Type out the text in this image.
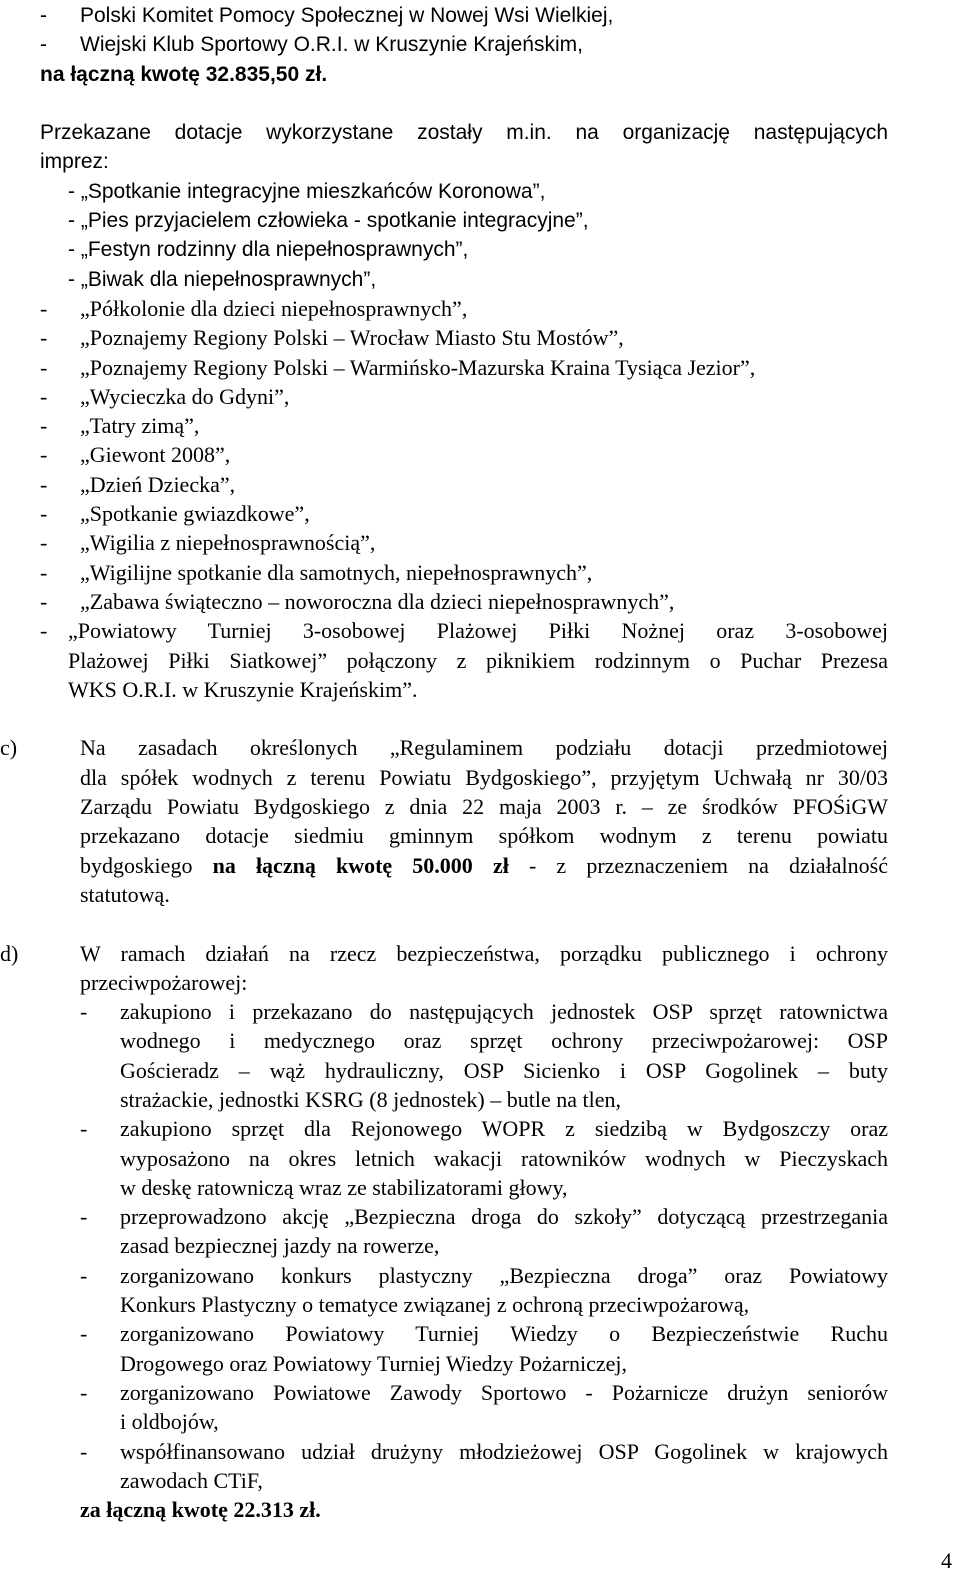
- Polski Komitet Pomocy Społecznej w Nowej Wsi Wielkiej,
- Wiejski Klub Sportowy O.R.I. w Kruszynie Krajeńskim,
na łączną kwotę 32.835,50 zł.
Przekazane dotacje wykorzystane zostały m.in. na organizację następujących
imprez:
- „Spotkanie integracyjne mieszkańców Koronowa”,
- „Pies przyjacielem człowieka - spotkanie integracyjne”,
- „Festyn rodzinny dla niepełnosprawnych”,
- „Biwak dla niepełnosprawnych”,
- „Półkolonie dla dzieci niepełnosprawnych”,
- „Poznajemy Regiony Polski – Wrocław Miasto Stu Mostów”,
- „Poznajemy Regiony Polski – Warmińsko-Mazurska Kraina Tysiąca Jezior”,
- „Wycieczka do Gdyni”,
- „Tatry zimą”,
- „Giewont 2008”,
- „Dzień Dziecka”,
- „Spotkanie gwiazdkowe”,
- „Wigilia z niepełnosprawnością”,
- „Wigilijne spotkanie dla samotnych, niepełnosprawnych”,
- „Zabawa świąteczno – noworoczna dla dzieci niepełnosprawnych”,
- „Powiatowy Turniej 3-osobowej Plażowej Piłki Nożnej oraz 3-osobowej
Plażowej Piłki Siatkowej” połączony z piknikiem rodzinnym o Puchar Prezesa
WKS O.R.I. w Kruszynie Krajeńskim”.
c)	Na zasadach określonych „Regulaminem podziału dotacji przedmiotowej
dla spółek wodnych z terenu Powiatu Bydgoskiego”, przyjętym Uchwałą nr 30/03
Zarządu Powiatu Bydgoskiego z dnia 22 maja 2003 r. – ze środków PFOŚiGW
przekazano dotacje siedmiu gminnym spółkom wodnym z terenu powiatu
bydgoskiego na łączną kwotę 50.000 zł - z przeznaczeniem na działalność
statutową.
d)	W ramach działań na rzecz bezpieczeństwa, porządku publicznego i ochrony
przeciwpożarowej:
-	zakupiono i przekazano do następujących jednostek OSP sprzęt ratownictwa
wodnego i medycznego oraz sprzęt ochrony przeciwpożarowej: OSP
Gościeradz – wąż hydrauliczny, OSP Sicienko i OSP Gogolinek – buty
strażackie, jednostki KSRG (8 jednostek) – butle na tlen,
-	zakupiono sprzęt dla Rejonowego WOPR z siedzibą w Bydgoszczy oraz
wyposażono na okres letnich wakacji ratowników wodnych w Pieczyskach
w deskę ratowniczą wraz ze stabilizatorami głowy,
-	przeprowadzono akcję „Bezpieczna droga do szkoły” dotyczącą przestrzegania
zasad bezpiecznej jazdy na rowerze,
-	zorganizowano konkurs plastyczny „Bezpieczna droga” oraz Powiatowy
Konkurs Plastyczny o tematyce związanej z ochroną przeciwpożarową,
-	zorganizowano Powiatowy Turniej Wiedzy o Bezpieczeństwie Ruchu
Drogowego oraz Powiatowy Turniej Wiedzy Pożarniczej,
-	zorganizowano Powiatowe Zawody Sportowo - Pożarnicze drużyn seniorów
i oldbojów,
-	współfinansowano udział drużyny młodzieżowej OSP Gogolinek w krajowych
zawodach CTiF,
za łączną kwotę 22.313 zł.
4
